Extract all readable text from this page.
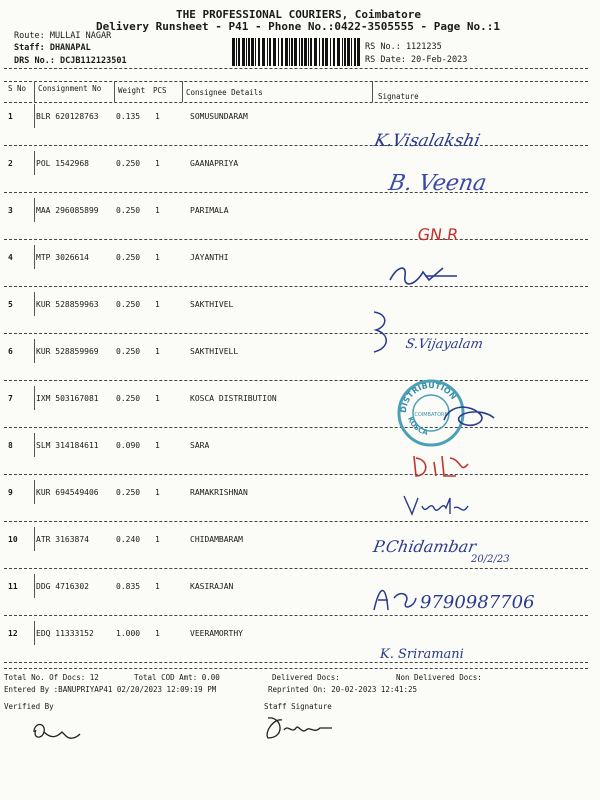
THE PROFESSIONAL COURIERS, Coimbatore
Delivery Runsheet - P41 - Phone No.:0422-3505555 - Page No.:1
Route: MULLAI NAGAR
Staff: DHANAPAL
DRS No.: DCJB112123501
RS No.: 1121235
RS Date: 20-Feb-2023
S No Consignment No Weight PCS	Consignee Details	Signature
1	BLR 620128763 0.135 1	SOMUSUNDARAM
2	POL 1542968	0.250 1	GAANAPRIYA
3	MAA 296085899 0.250 1	PARIMALA
4	MTP 3026614	0.250 1	JAYANTHI
5	KUR 528859963 0.250 1	SAKTHIVEL
6	KUR 528859969 0.250 1	SAKTHIVELL
7	IXM 503167081 0.250 1	KOSCA DISTRIBUTION
8	SLM 314184611 0.090 1	SARA
9	KUR 694549406 0.250 1	RAMAKRISHNAN
10 ATR 3163874	0.240 1	CHIDAMBARAM
11 DDG 4716302	0.835 1	KASIRAJAN
12 EDQ 11333152	1.000 1	VEERAMORTHY
K.Visalakshi
B. Veena
GN.R
S.Vijayalam
DISTRIBUTION
KOSCA
COIMBATORE
P.Chidambar
20/2/23
9790987706
K. Sriramani
Total No. Of Docs: 12	Total COD Amt: 0.00	Delivered Docs:	Non Delivered Docs:
Entered By :BANUPRIYAP41 02/20/2023 12:09:19 PM	Reprinted On: 20-02-2023 12:41:25
Verified By	Staff Signature
